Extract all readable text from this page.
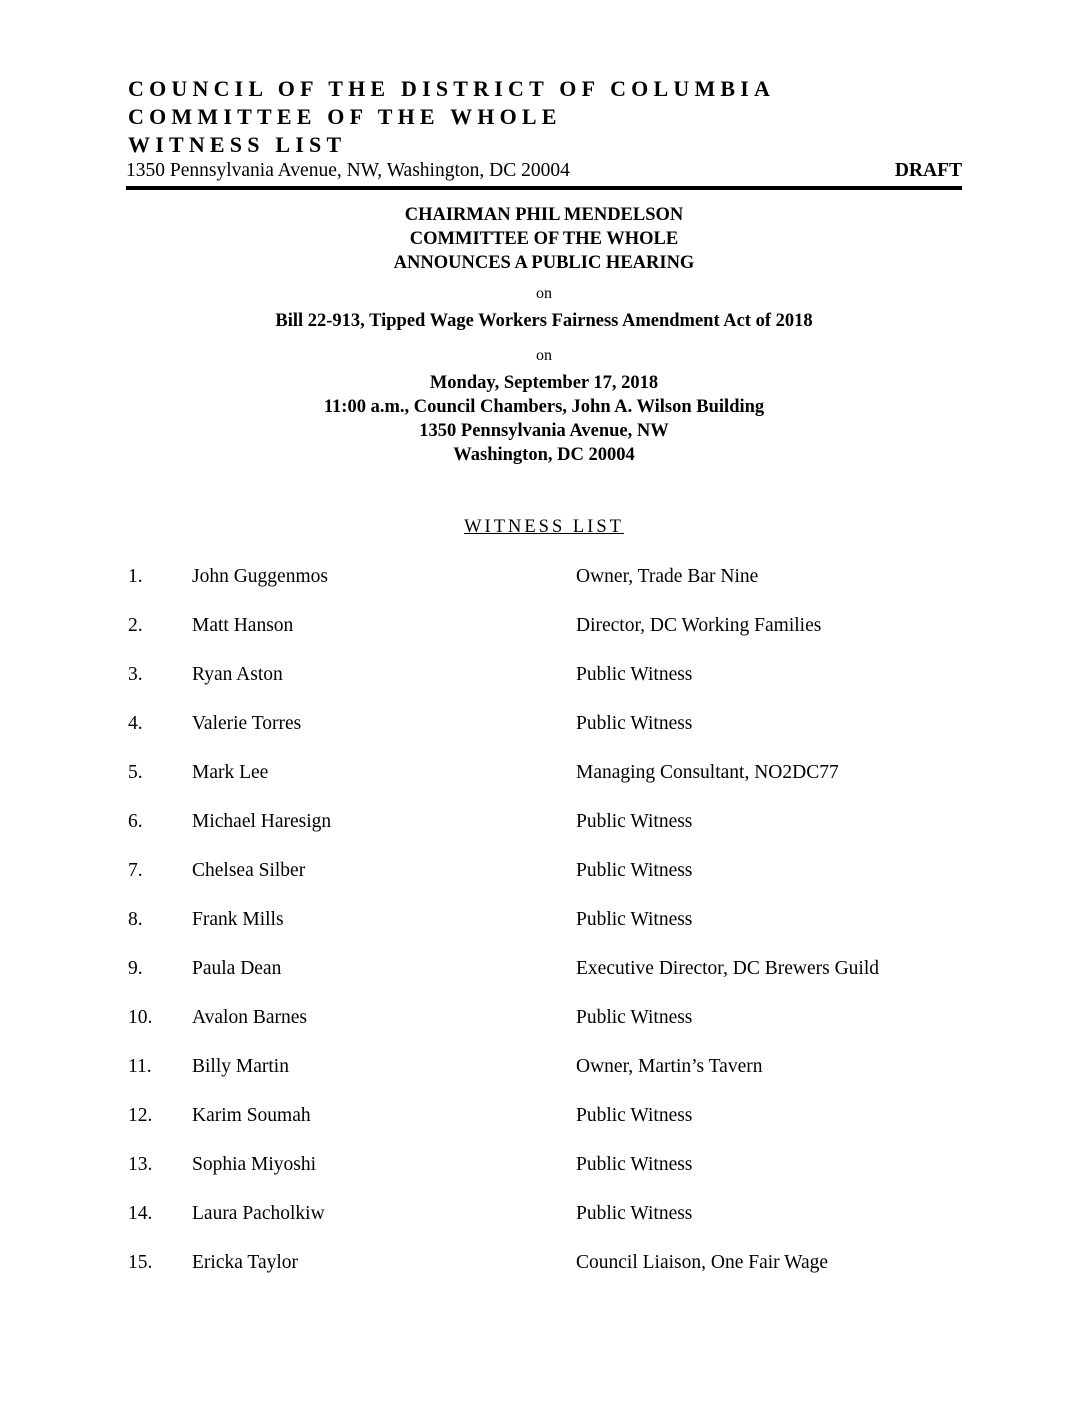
COUNCIL OF THE DISTRICT OF COLUMBIA
COMMITTEE OF THE WHOLE
WITNESS LIST
1350 Pennsylvania Avenue, NW, Washington, DC 20004	DRAFT
CHAIRMAN PHIL MENDELSON
COMMITTEE OF THE WHOLE
ANNOUNCES A PUBLIC HEARING
on
Bill 22-913, Tipped Wage Workers Fairness Amendment Act of 2018
on
Monday, September 17, 2018
11:00 a.m., Council Chambers, John A. Wilson Building
1350 Pennsylvania Avenue, NW
Washington, DC 20004
WITNESS LIST
1.	John Guggenmos	Owner, Trade Bar Nine
2.	Matt Hanson	Director, DC Working Families
3.	Ryan Aston	Public Witness
4.	Valerie Torres	Public Witness
5.	Mark Lee	Managing Consultant, NO2DC77
6.	Michael Haresign	Public Witness
7.	Chelsea Silber	Public Witness
8.	Frank Mills	Public Witness
9.	Paula Dean	Executive Director, DC Brewers Guild
10. Avalon Barnes	Public Witness
11. Billy Martin	Owner, Martin’s Tavern
12. Karim Soumah	Public Witness
13. Sophia Miyoshi	Public Witness
14. Laura Pacholkiw	Public Witness
15. Ericka Taylor	Council Liaison, One Fair Wage
